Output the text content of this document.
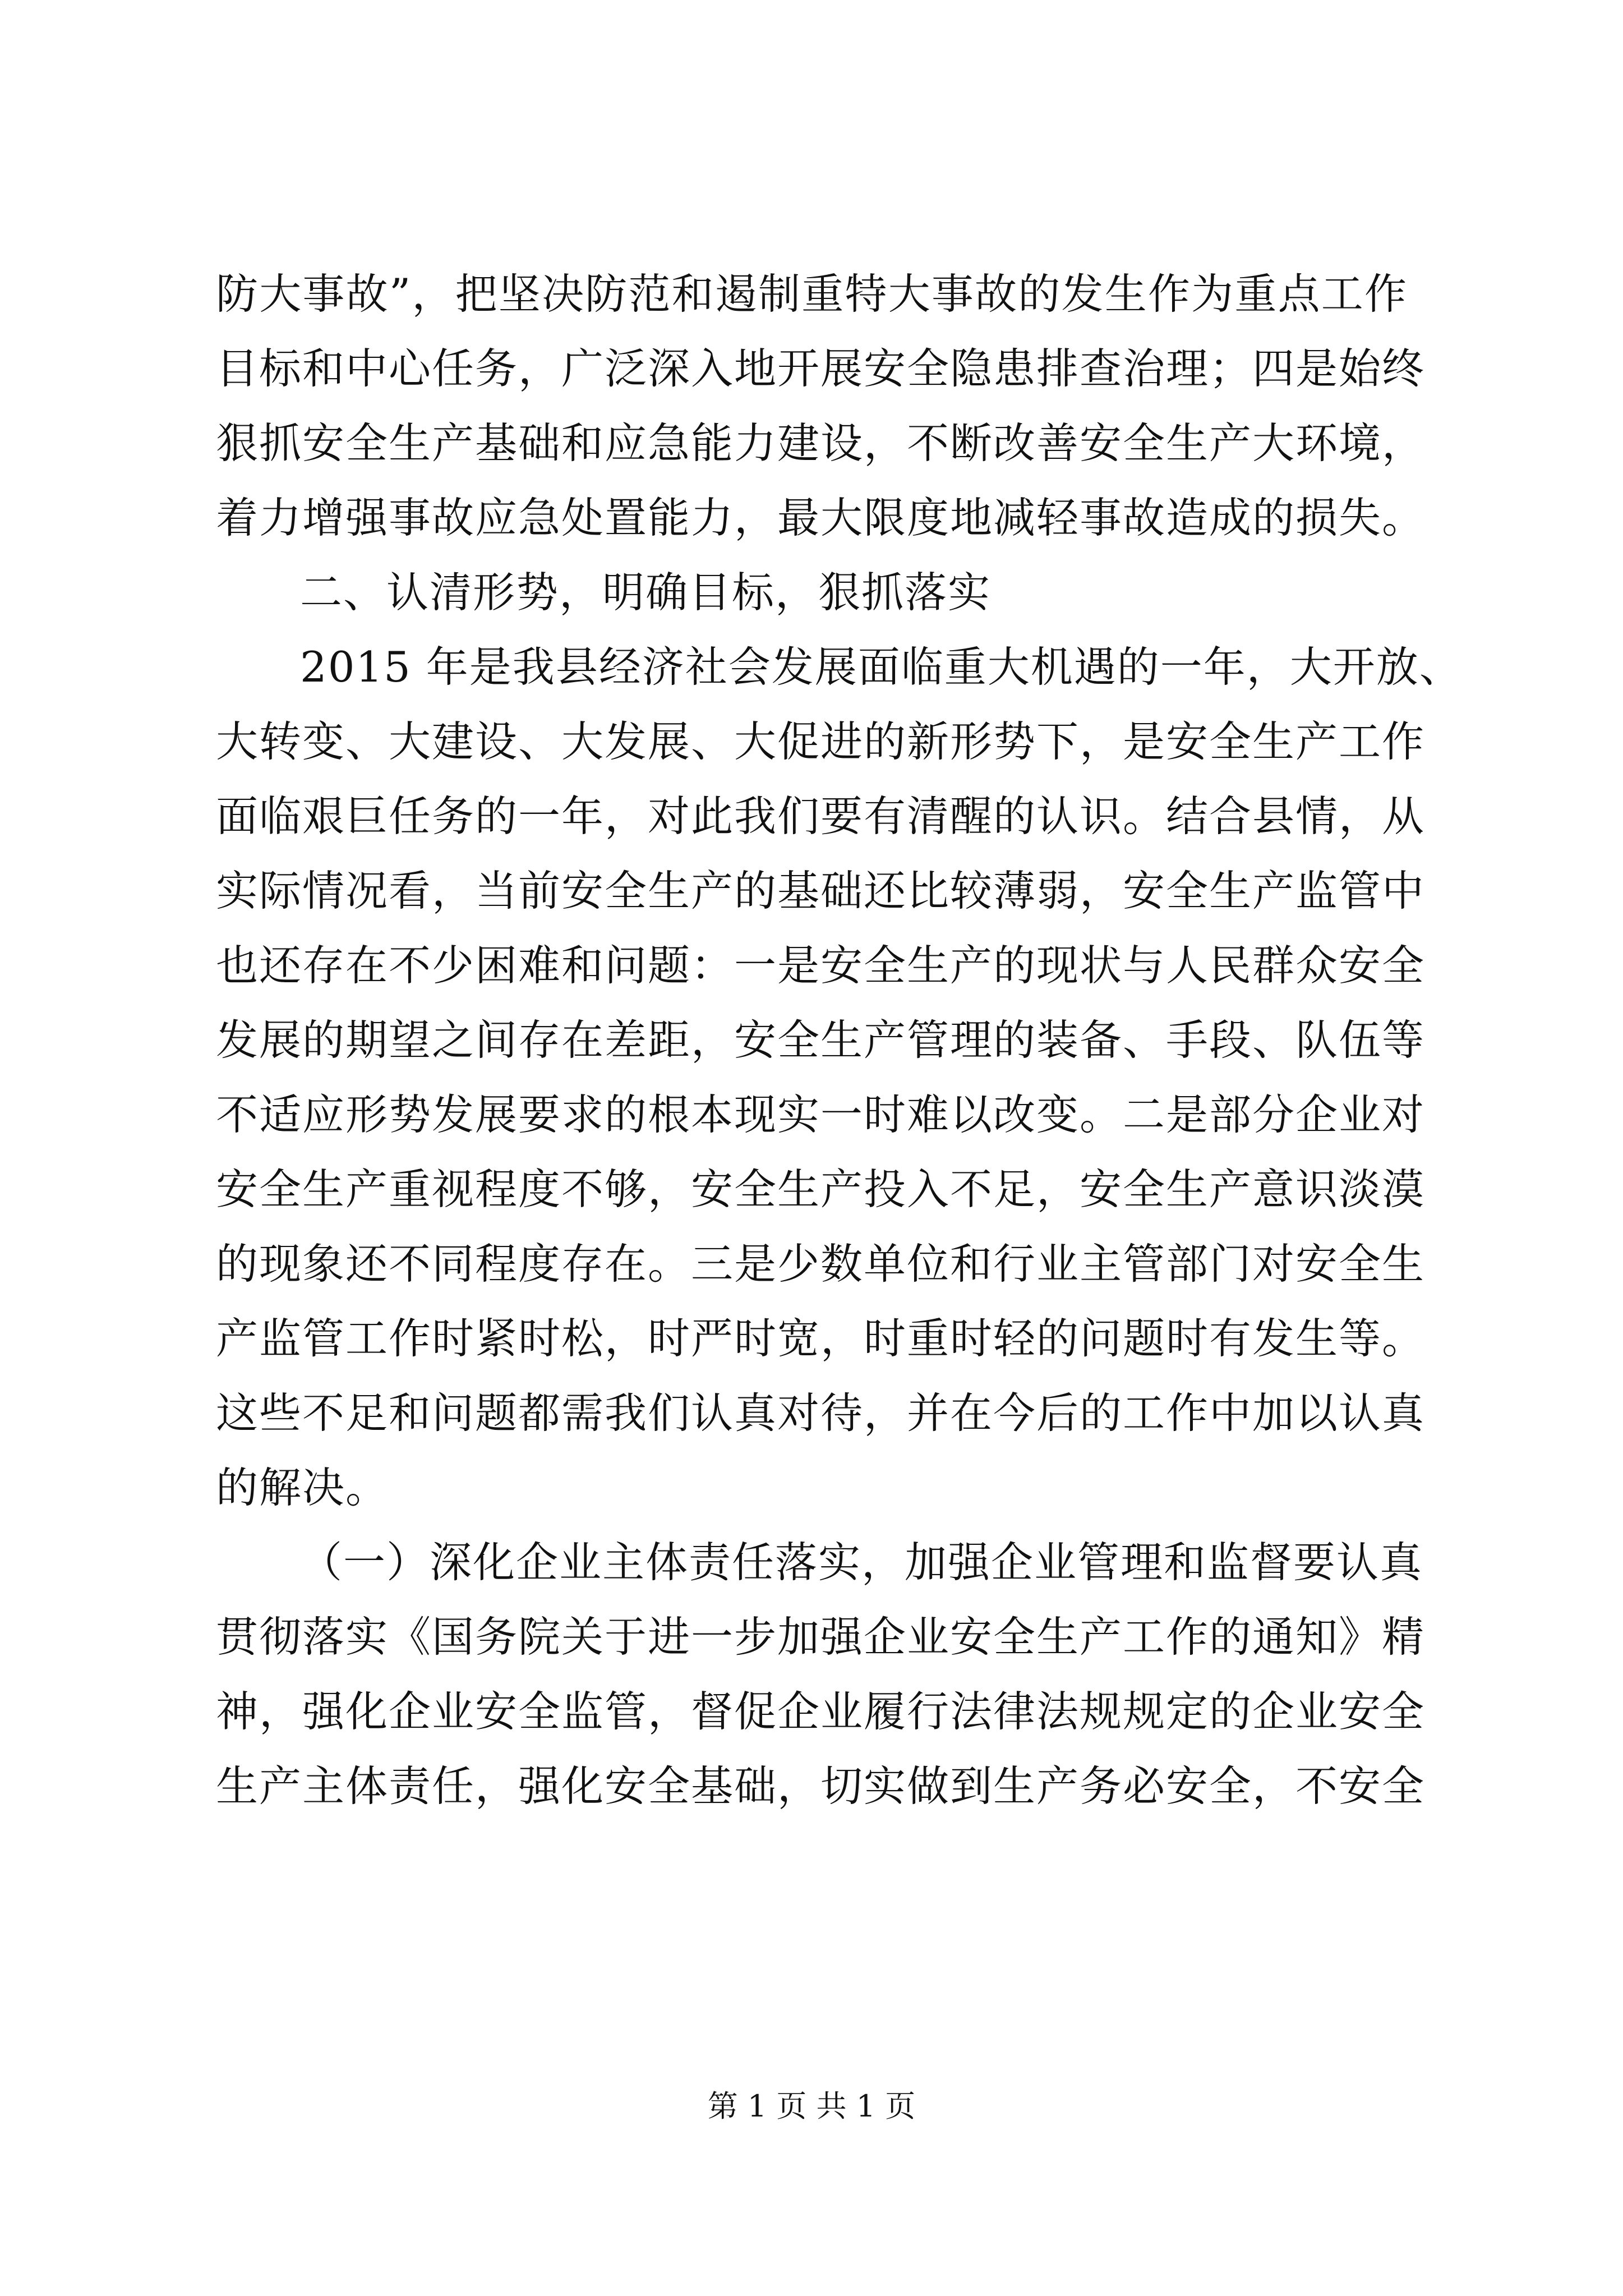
防大事故”，把坚决防范和遏制重特大事故的发生作为重点工作
目标和中心任务，广泛深入地开展安全隐患排查治理；四是始终
狠抓安全生产基础和应急能力建设，不断改善安全生产大环境，
着力增强事故应急处置能力，最大限度地减轻事故造成的损失。
二、认清形势，明确目标，狠抓落实
2015 年是我县经济社会发展面临重大机遇的一年，大开放、
大转变、大建设、大发展、大促进的新形势下，是安全生产工作
面临艰巨任务的一年，对此我们要有清醒的认识。结合县情，从
实际情况看，当前安全生产的基础还比较薄弱，安全生产监管中
也还存在不少困难和问题：一是安全生产的现状与人民群众安全
发展的期望之间存在差距，安全生产管理的装备、手段、队伍等
不适应形势发展要求的根本现实一时难以改变。二是部分企业对
安全生产重视程度不够，安全生产投入不足，安全生产意识淡漠
的现象还不同程度存在。三是少数单位和行业主管部门对安全生
产监管工作时紧时松，时严时宽，时重时轻的问题时有发生等。
这些不足和问题都需我们认真对待，并在今后的工作中加以认真
的解决。
（一）深化企业主体责任落实，加强企业管理和监督要认真
贯彻落实《国务院关于进一步加强企业安全生产工作的通知》精
神，强化企业安全监管，督促企业履行法律法规规定的企业安全
生产主体责任，强化安全基础，切实做到生产务必安全，不安全
第 1 页 共 1 页
